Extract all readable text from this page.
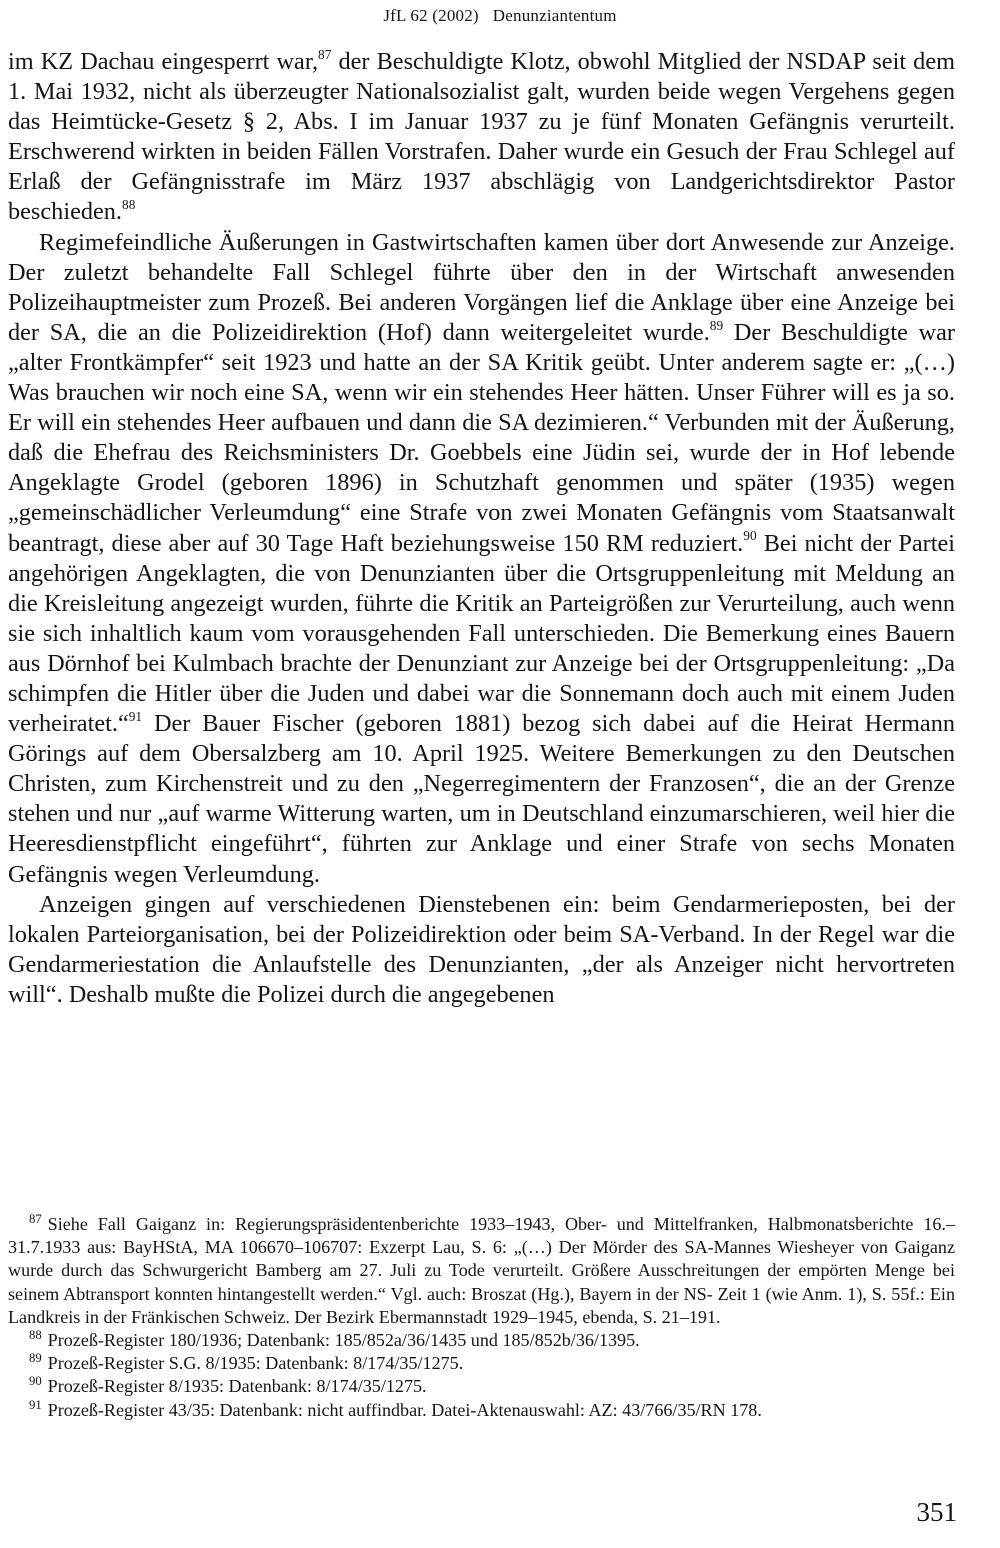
JfL 62 (2002) Denunziantentum

im KZ Dachau eingesperrt war,$^{87}$ der Beschuldigte Klotz, obwohl Mitglied der NSDAP seit dem 1. Mai 1932, nicht als überzeugter Nationalsozialist galt, wurden beide wegen Vergehens gegen das Heimtücke-Gesetz § 2, Abs. I im Januar 1937 zu je fünf Monaten Gefängnis verurteilt. Erschwerend wirkten in beiden Fällen Vorstrafen. Daher wurde ein Gesuch der Frau Schlegel auf Erlaß der Gefängnisstrafe im März 1937 abschlägig von Landgerichtsdirektor Pastor beschieden.$^{88}$

Regimefeindliche Äußerungen in Gastwirtschaften kamen über dort Anwesende zur Anzeige. Der zuletzt behandelte Fall Schlegel führte über den in der Wirtschaft anwesenden Polizeihauptmeister zum Prozeß. Bei anderen Vorgängen lief die Anklage über eine Anzeige bei der SA, die an die Polizeidirektion (Hof) dann weitergeleitet wurde.$^{89}$ Der Beschuldigte war „alter Frontkämpfer“ seit 1923 und hatte an der SA Kritik geübt. Unter anderem sagte er: „(…) Was brauchen wir noch eine SA, wenn wir ein stehendes Heer hätten. Unser Führer will es ja so. Er will ein stehendes Heer aufbauen und dann die SA dezimieren.“ Verbunden mit der Äußerung, daß die Ehefrau des Reichsministers Dr. Goebbels eine Jüdin sei, wurde der in Hof lebende Angeklagte Grodel (geboren 1896) in Schutzhaft genommen und später (1935) wegen „gemeinschädlicher Verleumdung“ eine Strafe von zwei Monaten Gefängnis vom Staatsanwalt beantragt, diese aber auf 30 Tage Haft beziehungsweise 150 RM reduziert.$^{90}$ Bei nicht der Partei angehörigen Angeklagten, die von Denunzianten über die Ortsgruppenleitung mit Meldung an die Kreisleitung angezeigt wurden, führte die Kritik an Parteigrößen zur Verurteilung, auch wenn sie sich inhaltlich kaum vom vorausgehenden Fall unterschieden. Die Bemerkung eines Bauern aus Dörnhof bei Kulmbach brachte der Denunziant zur Anzeige bei der Ortsgruppenleitung: „Da schimpfen die Hitler über die Juden und dabei war die Sonnemann doch auch mit einem Juden verheiratet.“$^{91}$ Der Bauer Fischer (geboren 1881) bezog sich dabei auf die Heirat Hermann Görings auf dem Obersalzberg am 10. April 1925. Weitere Bemerkungen zu den Deutschen Christen, zum Kirchenstreit und zu den „Negerregimentern der Franzosen“, die an der Grenze stehen und nur „auf warme Witterung warten, um in Deutschland einzumarschieren, weil hier die Heeresdienstpflicht eingeführt“, führten zur Anklage und einer Strafe von sechs Monaten Gefängnis wegen Verleumdung.

Anzeigen gingen auf verschiedenen Dienstebenen ein: beim Gendarmerieposten, bei der lokalen Parteiorganisation, bei der Polizeidirektion oder beim SA-Verband. In der Regel war die Gendarmeriestation die Anlaufstelle des Denunzianten, „der als Anzeiger nicht hervortreten will“. Deshalb mußte die Polizei durch die angegebenen

$^{87}$ Siehe Fall Gaiganz in: Regierungspräsidentenberichte 1933–1943, Ober- und Mittelfranken, Halbmonatsberichte 16.–31.7.1933 aus: BayHStA, MA 106670–106707: Exzerpt Lau, S. 6: „(…) Der Mörder des SA-Mannes Wiesheyer von Gaiganz wurde durch das Schwurgericht Bamberg am 27. Juli zu Tode verurteilt. Größere Ausschreitungen der empörten Menge bei seinem Abtransport konnten hintangestellt werden.“ Vgl. auch: Broszat (Hg.), Bayern in der NS- Zeit 1 (wie Anm. 1), S. 55f.: Ein Landkreis in der Fränkischen Schweiz. Der Bezirk Ebermannstadt 1929–1945, ebenda, S. 21–191.

$^{88}$ Prozeß-Register 180/1936; Datenbank: 185/852a/36/1435 und 185/852b/36/1395.

$^{89}$ Prozeß-Register S.G. 8/1935: Datenbank: 8/174/35/1275.

$^{90}$ Prozeß-Register 8/1935: Datenbank: 8/174/35/1275.

$^{91}$ Prozeß-Register 43/35: Datenbank: nicht auffindbar. Datei-Aktenauswahl: AZ: 43/766/35/RN 178.

351
